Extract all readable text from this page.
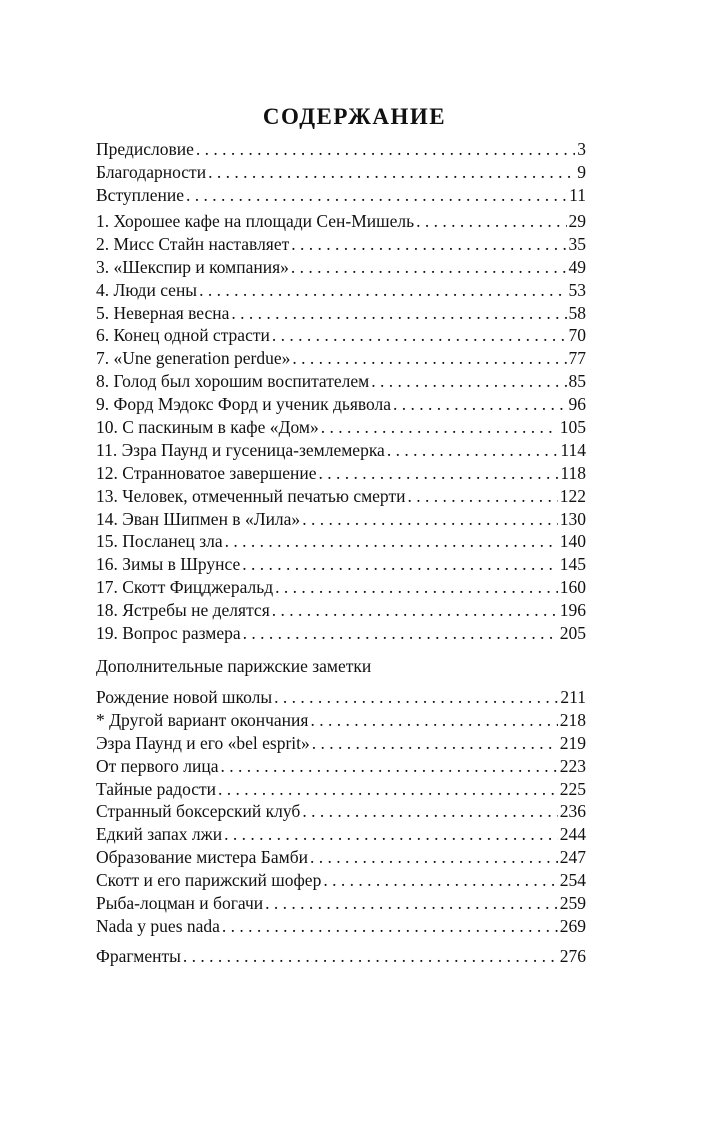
СОДЕРЖАНИЕ
Предисловие . . .	3
Благодарности . . .	9
Вступление . . .	11
1. Хорошее кафе на площади Сен-Мишель . . .	29
2. Мисс Стайн наставляет . . .	35
3. «Шекспир и компания» . . .	49
4. Люди сены . . .	53
5. Неверная весна . . .	58
6. Конец одной страсти . . .	70
7. «Une generation perdue» . . .	77
8. Голод был хорошим воспитателем . . .	85
9. Форд Мэдокс Форд и ученик дьявола . . .	96
10. С паскиным в кафе «Дом» . . .	105
11. Эзра Паунд и гусеница-землемерка . . .	114
12. Странноватое завершение . . .	118
13. Человек, отмеченный печатью смерти . . .	122
14. Эван Шипмен в «Лила» . . .	130
15. Посланец зла . . .	140
16. Зимы в Шрунсе . . .	145
17. Скотт Фицджеральд . . .	160
18. Ястребы не делятся . . .	196
19. Вопрос размера . . .	205
Дополнительные парижские заметки
Рождение новой школы . . .	211
* Другой вариант окончания . . .	218
Эзра Паунд и его «bel esprit» . . .	219
От первого лица . . .	223
Тайные радости . . .	225
Странный боксерский клуб . . .	236
Едкий запах лжи . . .	244
Образование мистера Бамби . . .	247
Скотт и его парижский шофер . . .	254
Рыба-лоцман и богачи . . .	259
Nada y pues nada . . .	269
Фрагменты . . .	276
